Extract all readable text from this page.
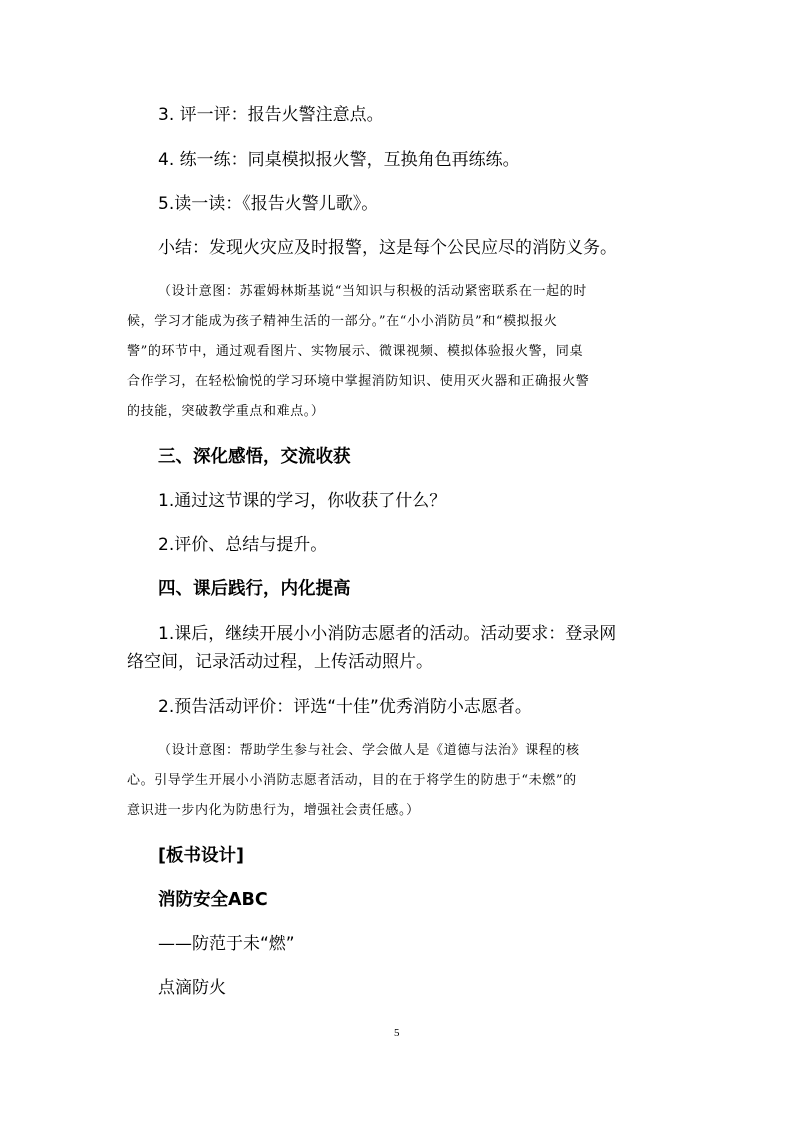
3. 评一评：报告火警注意点。
4. 练一练：同桌模拟报火警，互换角色再练练。
5.读一读：《报告火警儿歌》。
小结：发现火灾应及时报警，这是每个公民应尽的消防义务。
（设计意图：苏霍姆林斯基说“当知识与积极的活动紧密联系在一起的时
候，学习才能成为孩子精神生活的一部分。”在“小小消防员”和“模拟报火
警”的环节中，通过观看图片、实物展示、微课视频、模拟体验报火警，同桌
合作学习，在轻松愉悦的学习环境中掌握消防知识、使用灭火器和正确报火警
的技能，突破教学重点和难点。）
三、深化感悟，交流收获
1.通过这节课的学习，你收获了什么？
2.评价、总结与提升。
四、课后践行，内化提高
1.课后，继续开展小小消防志愿者的活动。活动要求：登录网
络空间，记录活动过程，上传活动照片。
2.预告活动评价：评选“十佳”优秀消防小志愿者。
（设计意图：帮助学生参与社会、学会做人是《道德与法治》课程的核
心。引导学生开展小小消防志愿者活动，目的在于将学生的防患于“未燃”的
意识进一步内化为防患行为，增强社会责任感。）
[板书设计]
消防安全ABC
——防范于未“燃”
点滴防火
5
